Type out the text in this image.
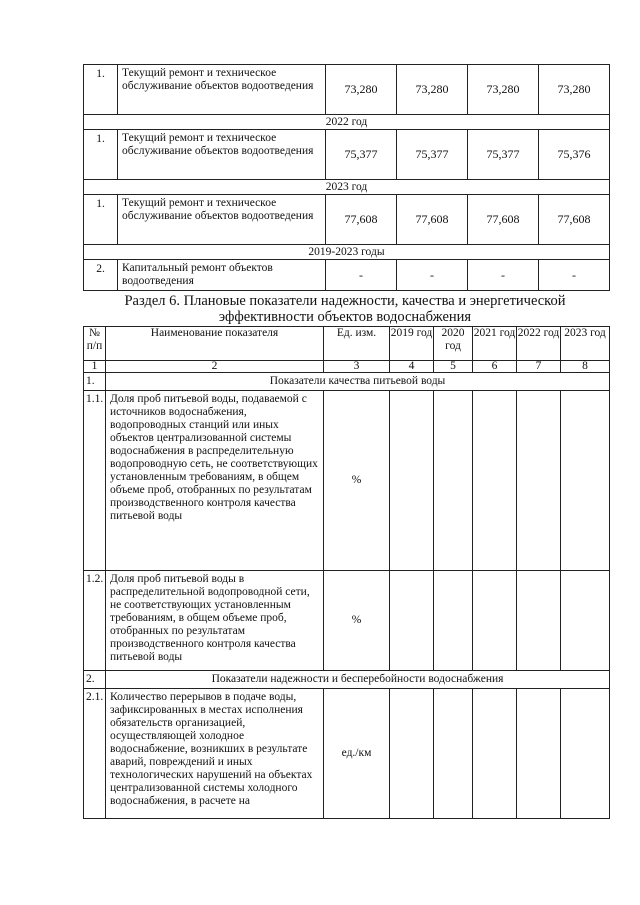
1.	Текущий ремонт и техническое обслуживание объектов водоотведения	73,280	73,280	73,280	73,280
2022 год					
1.	Текущий ремонт и техническое обслуживание объектов водоотведения	75,377	75,377	75,377	75,376
2023 год					
1.	Текущий ремонт и техническое обслуживание объектов водоотведения	77,608	77,608	77,608	77,608
2019-2023 годы					
2.	Капитальный ремонт объектов водоотведения	-	-	-	-
Раздел 6. Плановые показатели надежности, качества и энергетической эффективности объектов водоснабжения
№ п/п	Наименование показателя	Ед. изм.	2019 год	2020 год	2021 год	2022 год	2023 год
1	2	3	4	5	6	7	8
1.	Показатели качества питьевой воды						
1.1.	Доля проб питьевой воды, подаваемой с источников водоснабжения, водопроводных станций или иных объектов централизованной системы водоснабжения в распределительную водопроводную сеть, не соответствующих установленным требованиям, в общем объеме проб, отобранных по результатам производственного контроля качества питьевой воды	%					
1.2.	Доля проб питьевой воды в распределительной водопроводной сети, не соответствующих установленным требованиям, в общем объеме проб, отобранных по результатам производственного контроля качества питьевой воды	%					
2.	Показатели надежности и бесперебойности водоснабжения						
2.1.	Количество перерывов в подаче воды, зафиксированных в местах исполнения обязательств организацией, осуществляющей холодное водоснабжение, возникших в результате аварий, повреждений и иных технологических нарушений на объектах централизованной системы холодного водоснабжения, в расчете на	ед./км					
